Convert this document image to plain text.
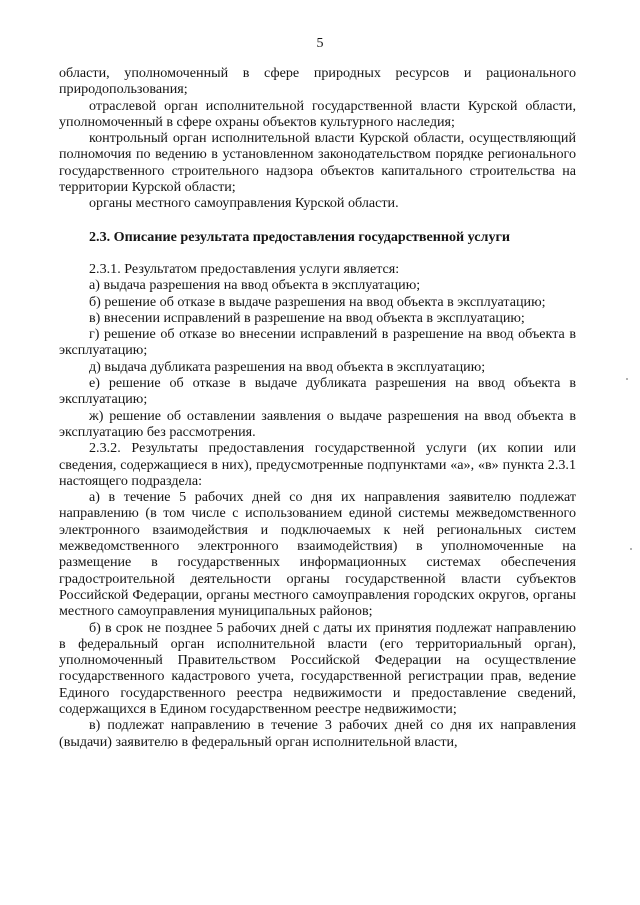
5

области, уполномоченный в сфере природных ресурсов и рационального природопользования;

отраслевой орган исполнительной государственной власти Курской области, уполномоченный в сфере охраны объектов культурного наследия;

контрольный орган исполнительной власти Курской области, осуществляющий полномочия по ведению в установленном законодательством порядке регионального государственного строительного надзора объектов капитального строительства на территории Курской области;

органы местного самоуправления Курской области.

2.3. Описание результата предоставления государственной услуги

2.3.1. Результатом предоставления услуги является:

а) выдача разрешения на ввод объекта в эксплуатацию;

б) решение об отказе в выдаче разрешения на ввод объекта в эксплуатацию;

в) внесении исправлений в разрешение на ввод объекта в эксплуатацию;

г) решение об отказе во внесении исправлений в разрешение на ввод объекта в эксплуатацию;

д) выдача дубликата разрешения на ввод объекта в эксплуатацию;

е) решение об отказе в выдаче дубликата разрешения на ввод объекта в эксплуатацию;

ж) решение об оставлении заявления о выдаче разрешения на ввод объекта в эксплуатацию без рассмотрения.

2.3.2. Результаты предоставления государственной услуги (их копии или сведения, содержащиеся в них), предусмотренные подпунктами «а», «в» пункта 2.3.1 настоящего подраздела:

а) в течение 5 рабочих дней со дня их направления заявителю подлежат направлению (в том числе с использованием единой системы межведомственного электронного взаимодействия и подключаемых к ней региональных систем межведомственного электронного взаимодействия) в уполномоченные на размещение в государственных информационных системах обеспечения градостроительной деятельности органы государственной власти субъектов Российской Федерации, органы местного самоуправления городских округов, органы местного самоуправления муниципальных районов;

б) в срок не позднее 5 рабочих дней с даты их принятия подлежат направлению в федеральный орган исполнительной власти (его территориальный орган), уполномоченный Правительством Российской Федерации на осуществление государственного кадастрового учета, государственной регистрации прав, ведение Единого государственного реестра недвижимости и предоставление сведений, содержащихся в Едином государственном реестре недвижимости;

в) подлежат направлению в течение 3 рабочих дней со дня их направления (выдачи) заявителю в федеральный орган исполнительной власти,
